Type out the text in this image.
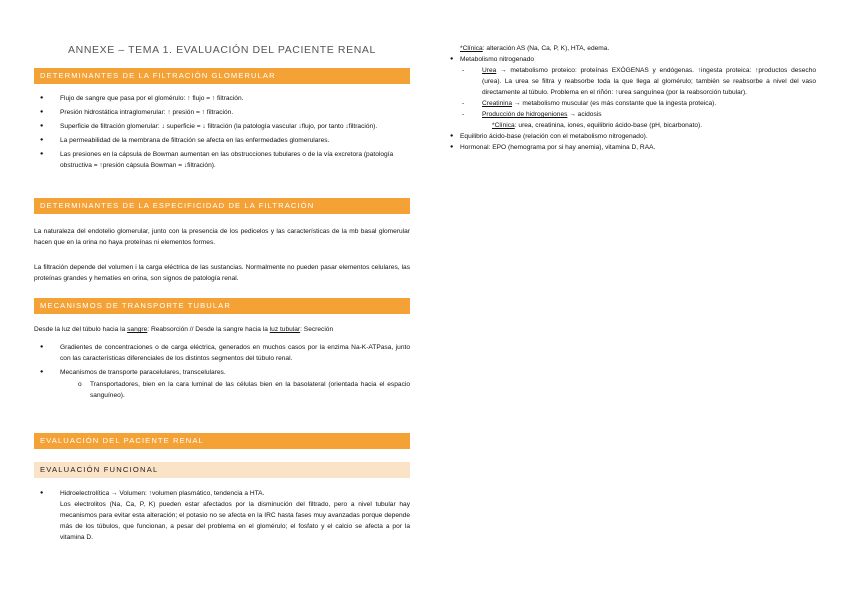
ANNEXE – TEMA 1. EVALUACIÓN DEL PACIENTE RENAL
DETERMINANTES DE LA FILTRACIÓN GLOMERULAR
● Flujo de sangre que pasa por el glomérulo: ↑ flujo = ↑ filtración.
● Presión hidrostática intraglomerular: ↑ presión = ↑ filtración.
● Superficie de filtración glomerular: ↓ superficie = ↓ filtración (la patología vascular ↓flujo, por tanto ↓filtración).
● La permeabilidad de la membrana de filtración se afecta en las enfermedades glomerulares.
● Las presiones en la cápsula de Bowman aumentan en las obstrucciones tubulares o de la vía excretora (patología obstructiva = ↑presión cápsula Bowman = ↓filtración).
DETERMINANTES DE LA ESPECIFICIDAD DE LA FILTRACIÓN

La naturaleza del endotelio glomerular, junto con la presencia de los pedicelos y las características de la mb basal glomerular hacen que en la orina no haya proteínas ni elementos formes.

La filtración depende del volumen i la carga eléctrica de las sustancias. Normalmente no pueden pasar elementos celulares, las proteínas grandes y hematíes en orina, son signos de patología renal.

MECANISMOS DE TRANSPORTE TUBULAR

Desde la luz del túbulo hacia la sangre: Reabsorción // Desde la sangre hacia la luz tubular: Secreción

● Gradientes de concentraciones o de carga eléctrica, generados en muchos casos por la enzima Na-K-ATPasa, junto con las características diferenciales de los distintos segmentos del túbulo renal.
● Mecanismos de transporte paracelulares, transcelulares.
o Transportadores, bien en la cara luminal de las células bien en la basolateral (orientada hacia el espacio sanguíneo).
EVALUACIÓN DEL PACIENTE RENAL
EVALUACIÓN FUNCIONAL
● Hidroelectrolítica → Volumen: ↑volumen plasmático, tendencia a HTA.
Los electrolitos (Na, Ca, P, K) pueden estar afectados por la disminución del filtrado, pero a nivel tubular hay mecanismos para evitar esta alteración; el potasio no se afecta en la IRC hasta fases muy avanzadas porque depende más de los túbulos, que funcionan, a pesar del problema en el glomérulo; el fosfato y el calcio se afecta a por la vitamina D.
*Clínica: alteración AS (Na, Ca, P, K), HTA, edema.
● Metabolismo nitrogenado
- Urea → metabolismo proteico: proteínas EXÓGENAS y endógenas. ↑ingesta proteica: ↑productos desecho (urea). La urea se filtra y reabsorbe toda la que llega al glomérulo; también se reabsorbe a nivel del vaso directamente al túbulo. Problema en el riñón: ↑urea sanguínea (por la reabsorción tubular).
- Creatinina → metabolismo muscular (es más constante que la ingesta proteica).
- Producción de hidrogeniones → acidosis
*Clínica: urea, creatinina, iones, equilibrio ácido-base (pH, bicarbonato).
● Equilibrio ácido-base (relación con el metabolismo nitrogenado).
● Hormonal: EPO (hemograma por si hay anemia), vitamina D, RAA.
